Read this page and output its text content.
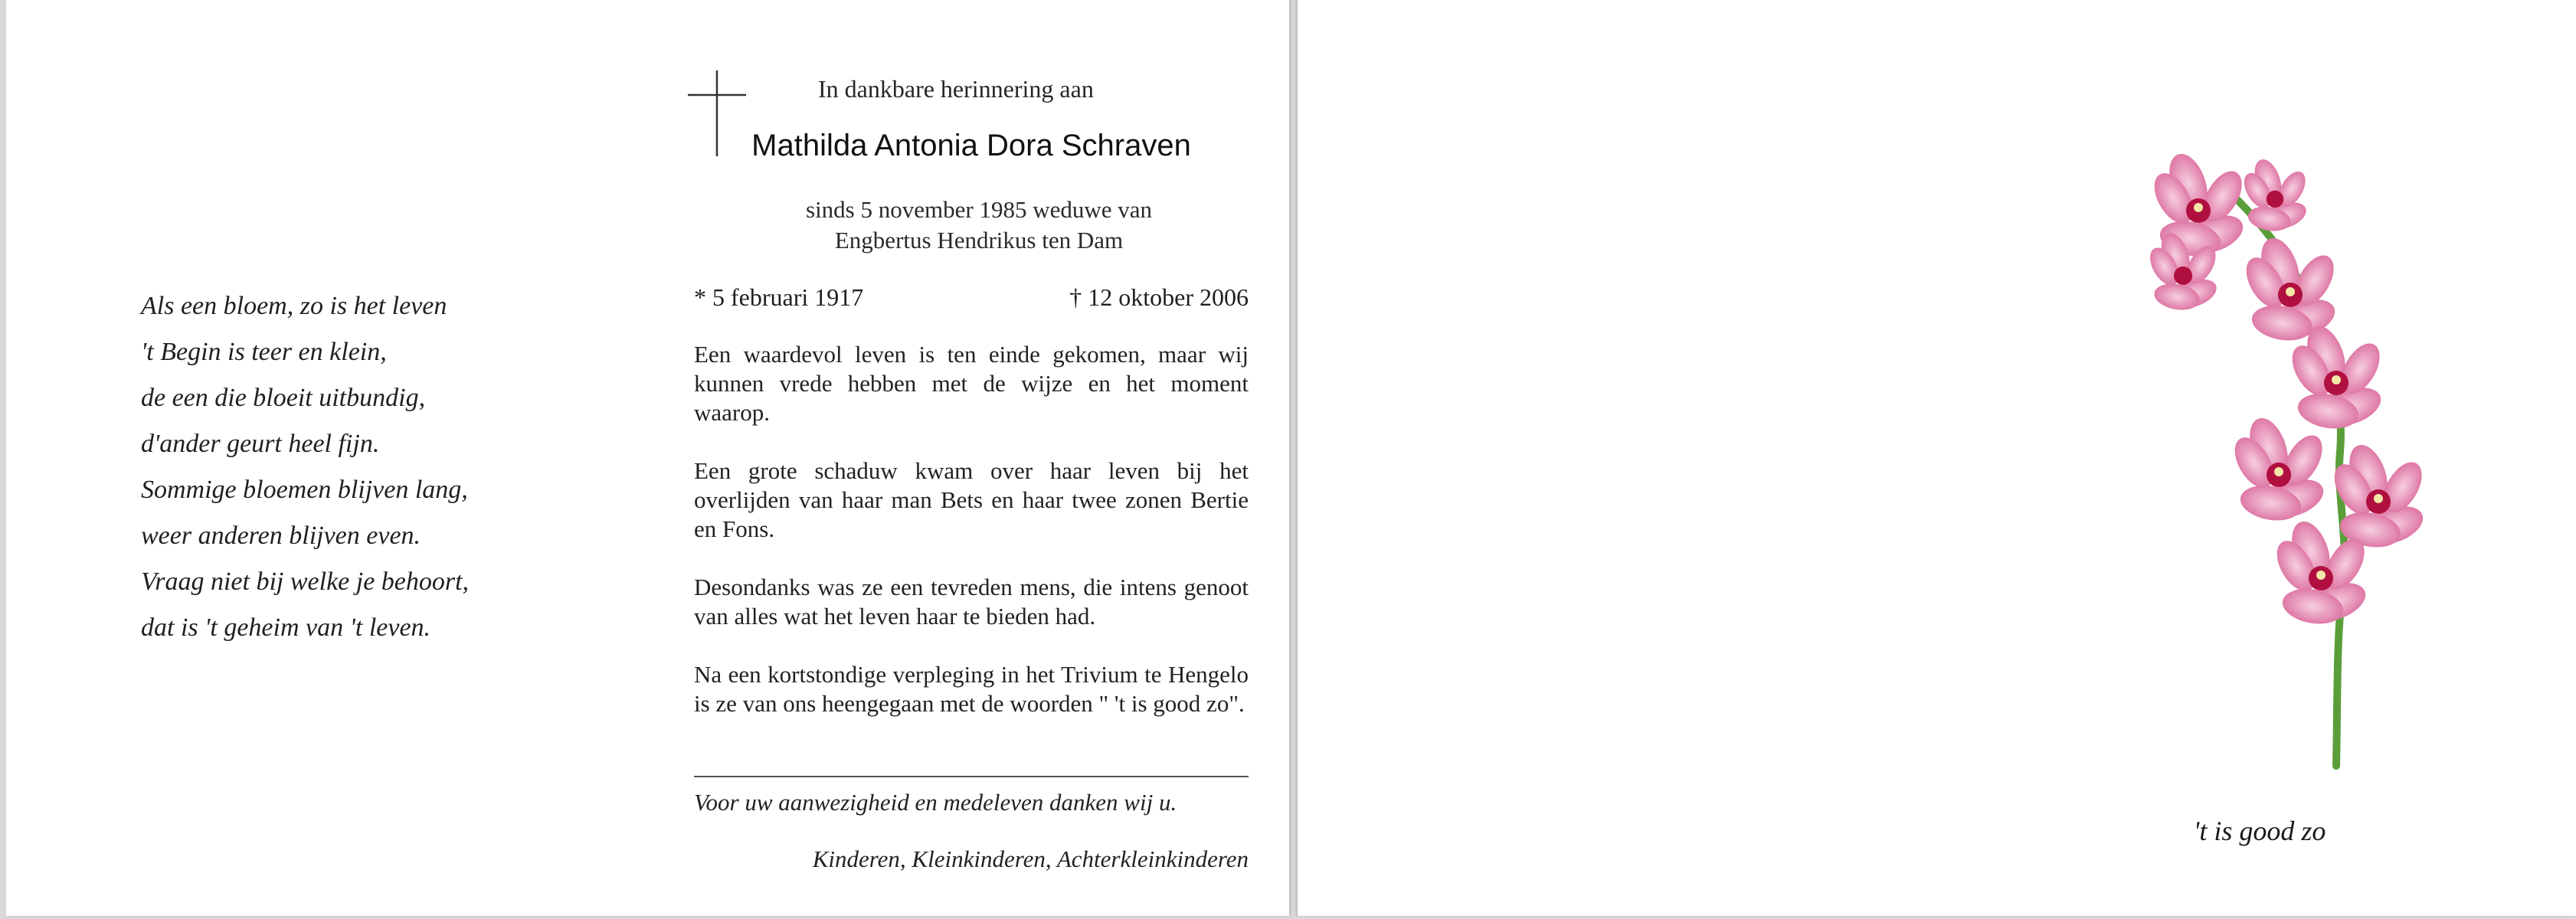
Als een bloem, zo is het leven
't Begin is teer en klein,
de een die bloeit uitbundig,
d'ander geurt heel fijn.
Sommige bloemen blijven lang,
weer anderen blijven even.
Vraag niet bij welke je behoort,
dat is 't geheim van 't leven.
In dankbare herinnering aan
Mathilda Antonia Dora Schraven
sinds 5 november 1985 weduwe van
Engbertus Hendrikus ten Dam
* 5 februari 1917	† 12 oktober 2006

Een waardevol leven is ten einde gekomen, maar wij kunnen vrede hebben met de wijze en het moment waarop.

Een grote schaduw kwam over haar leven bij het overlijden van haar man Bets en haar twee zonen Bertie en Fons.

Desondanks was ze een tevreden mens, die intens genoot van alles wat het leven haar te bieden had.

Na een kortstondige verpleging in het Trivium te Hengelo is ze van ons heengegaan met de woorden " 't is good zo".

Voor uw aanwezigheid en medeleven danken wij u.
Kinderen, Kleinkinderen, Achterkleinkinderen
't is good zo
